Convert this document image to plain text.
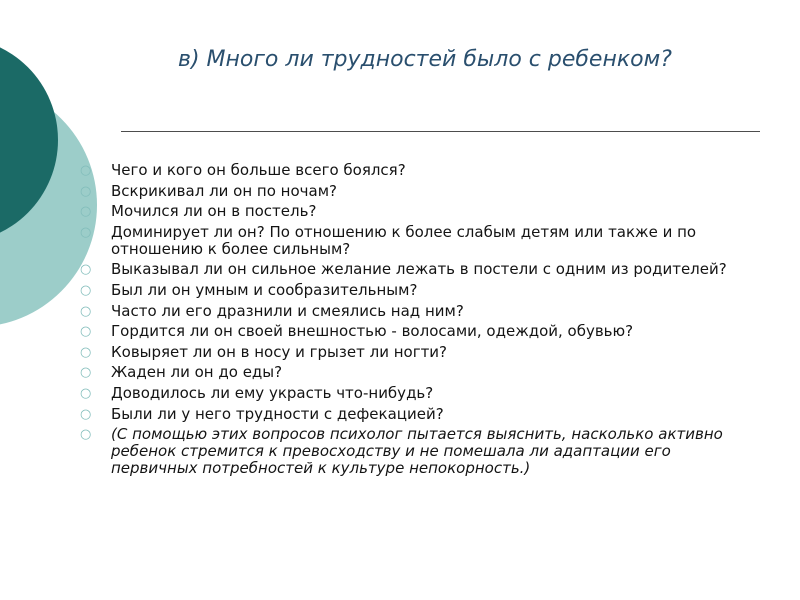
в) Много ли трудностей было с ребенком?
○ Чего и кого он больше всего боялся?
○ Вскрикивал ли он по ночам?
○ Мочился ли он в постель?
○ Доминирует ли он? По отношению к более слабым детям или также и по отношению к более сильным?
○ Выказывал ли он сильное желание лежать в постели с одним из родителей?
○ Был ли он умным и сообразительным?
○ Часто ли его дразнили и смеялись над ним?
○ Гордится ли он своей внешностью - волосами, одеждой, обувью?
○ Ковыряет ли он в носу и грызет ли ногти?
○ Жаден ли он до еды?
○ Доводилось ли ему украсть что-нибудь?
○ Были ли у него трудности с дефекацией?
○ (С помощью этих вопросов психолог пытается выяснить, насколько активно ребенок стремится к превосходству и не помешала ли адаптации его первичных потребностей к культуре непокорность.)
